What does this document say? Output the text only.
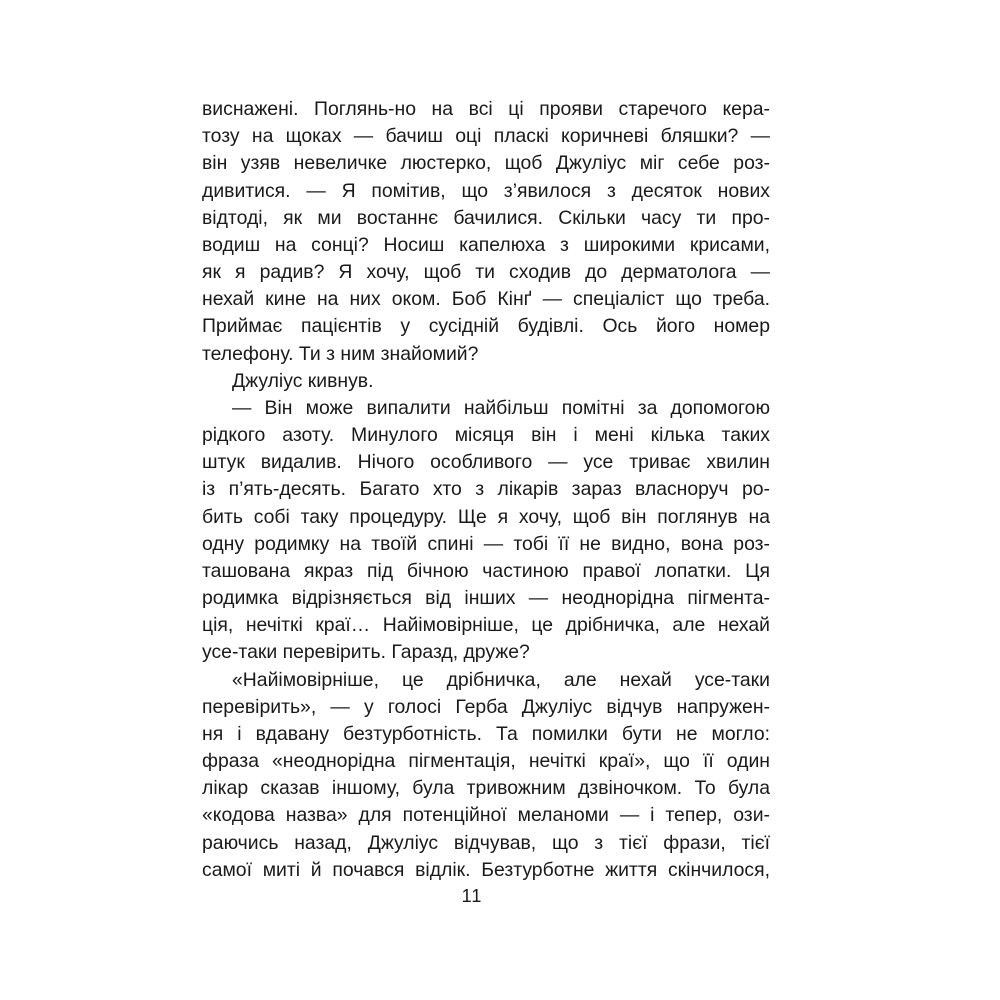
виснажені. Поглянь-но на всі ці прояви старечого кера-
тозу на щоках — бачиш оці пласкі коричневі бляшки? —
він узяв невеличке люстерко, щоб Джуліус міг себе роз-
дивитися. — Я помітив, що з’явилося з десяток нових
відтоді, як ми востаннє бачилися. Скільки часу ти про-
водиш на сонці? Носиш капелюха з широкими крисами,
як я радив? Я хочу, щоб ти сходив до дерматолога —
нехай кине на них оком. Боб Кінґ — спеціаліст що треба.
Приймає пацієнтів у сусідній будівлі. Ось його номер
телефону. Ти з ним знайомий?
Джуліус кивнув.
— Він може випалити найбільш помітні за допомогою
рідкого азоту. Минулого місяця він і мені кілька таких
штук видалив. Нічого особливого — усе триває хвилин
із п’ять-десять. Багато хто з лікарів зараз власноруч ро-
бить собі таку процедуру. Ще я хочу, щоб він поглянув на
одну родимку на твоїй спині — тобі її не видно, вона роз-
ташована якраз під бічною частиною правої лопатки. Ця
родимка відрізняється від інших — неоднорідна пігмента-
ція, нечіткі краї… Найімовірніше, це дрібничка, але нехай
усе-таки перевірить. Гаразд, друже?
«Найімовірніше, це дрібничка, але нехай усе-таки
перевірить», — у голосі Герба Джуліус відчув напружен-
ня і вдавану безтурботність. Та помилки бути не могло:
фраза «неоднорідна пігментація, нечіткі краї», що її один
лікар сказав іншому, була тривожним дзвіночком. То була
«кодова назва» для потенційної меланоми — і тепер, ози-
раючись назад, Джуліус відчував, що з тієї фрази, тієї
самої миті й почався відлік. Безтурботне життя скінчилося,
11
